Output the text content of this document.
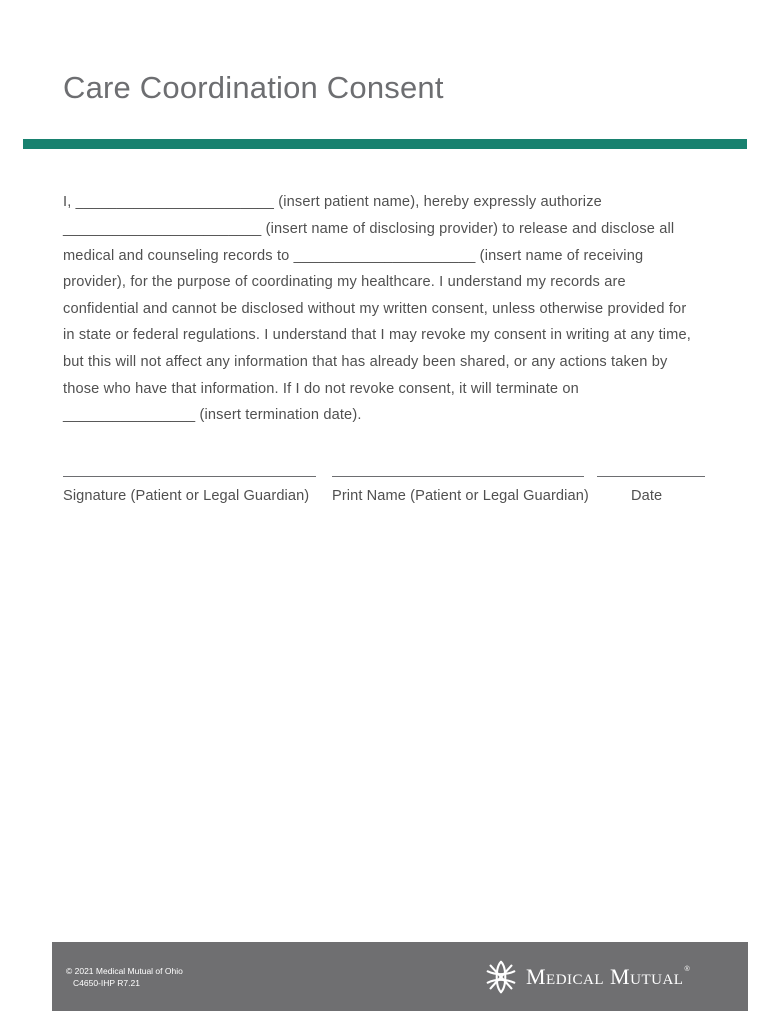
Care Coordination Consent
I, ________________________ (insert patient name), hereby expressly authorize
________________________ (insert name of disclosing provider) to release and disclose all
medical and counseling records to ______________________ (insert name of receiving
provider), for the purpose of coordinating my healthcare. I understand my records are
confidential and cannot be disclosed without my written consent, unless otherwise provided for
in state or federal regulations. I understand that I may revoke my consent in writing at any time,
but this will not affect any information that has already been shared, or any actions taken by
those who have that information. If I do not revoke consent, it will terminate on
________________ (insert termination date).
Signature (Patient or Legal Guardian) Print Name (Patient or Legal Guardian)	Date
© 2021 Medical Mutual of Ohio
C4650-IHP R7.21	Medical Mutual ®
